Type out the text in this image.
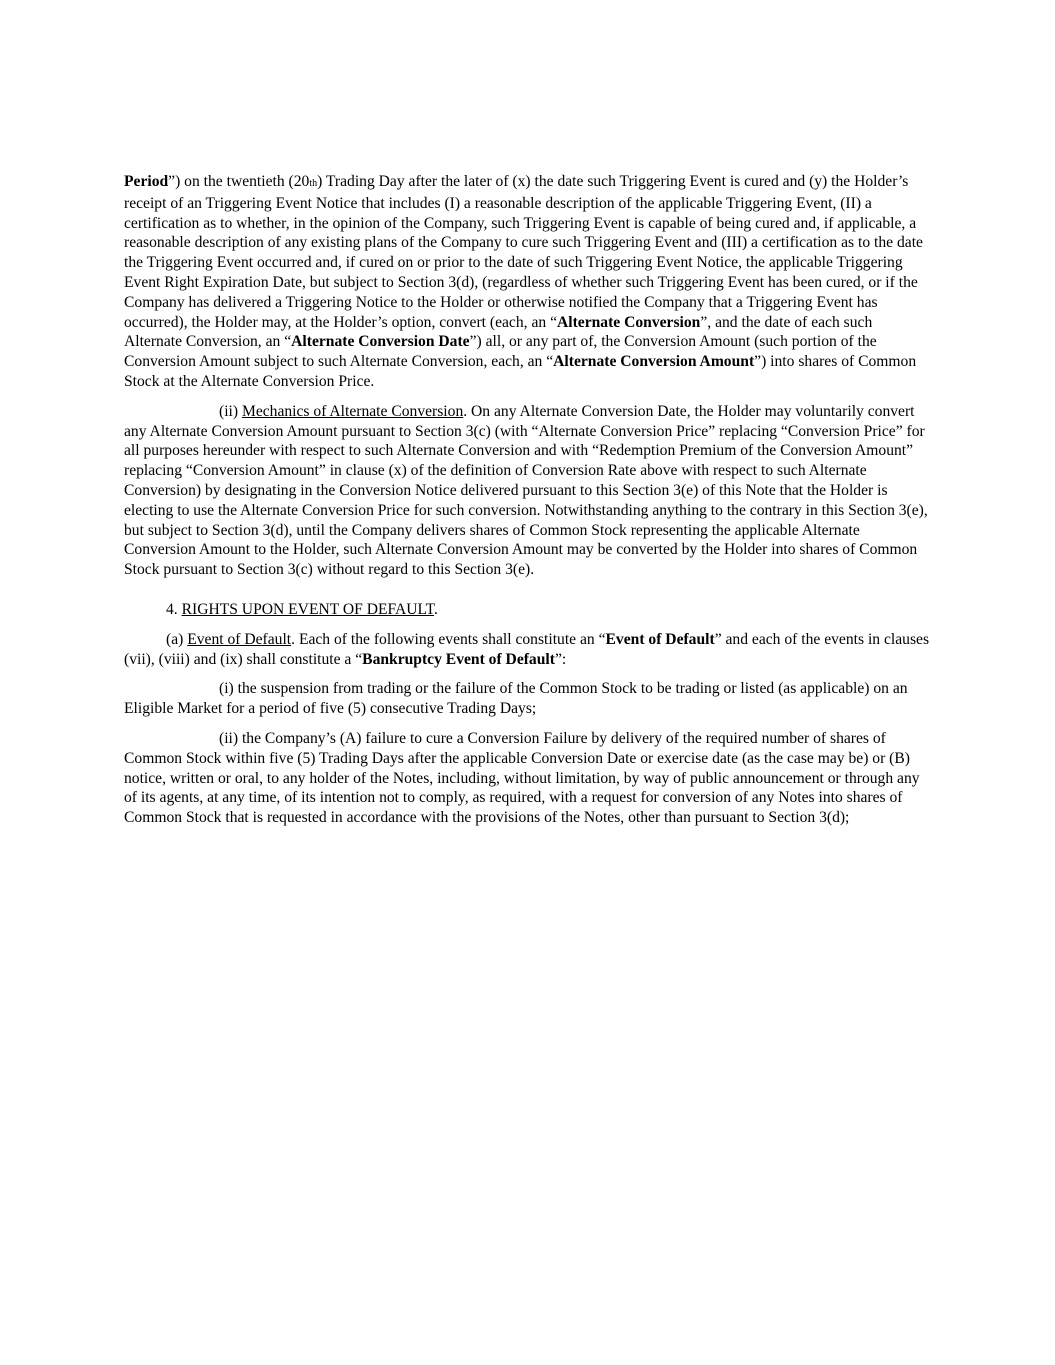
Period”) on the twentieth (20th) Trading Day after the later of (x) the date such Triggering Event is cured and (y) the Holder’s receipt of an Triggering Event Notice that includes (I) a reasonable description of the applicable Triggering Event, (II) a certification as to whether, in the opinion of the Company, such Triggering Event is capable of being cured and, if applicable, a reasonable description of any existing plans of the Company to cure such Triggering Event and (III) a certification as to the date the Triggering Event occurred and, if cured on or prior to the date of such Triggering Event Notice, the applicable Triggering Event Right Expiration Date, but subject to Section 3(d), (regardless of whether such Triggering Event has been cured, or if the Company has delivered a Triggering Notice to the Holder or otherwise notified the Company that a Triggering Event has occurred), the Holder may, at the Holder’s option, convert (each, an “Alternate Conversion”, and the date of each such Alternate Conversion, an “Alternate Conversion Date”) all, or any part of, the Conversion Amount (such portion of the Conversion Amount subject to such Alternate Conversion, each, an “Alternate Conversion Amount”) into shares of Common Stock at the Alternate Conversion Price.

(ii) Mechanics of Alternate Conversion. On any Alternate Conversion Date, the Holder may voluntarily convert any Alternate Conversion Amount pursuant to Section 3(c) (with “Alternate Conversion Price” replacing “Conversion Price” for all purposes hereunder with respect to such Alternate Conversion and with “Redemption Premium of the Conversion Amount” replacing “Conversion Amount” in clause (x) of the definition of Conversion Rate above with respect to such Alternate Conversion) by designating in the Conversion Notice delivered pursuant to this Section 3(e) of this Note that the Holder is electing to use the Alternate Conversion Price for such conversion. Notwithstanding anything to the contrary in this Section 3(e), but subject to Section 3(d), until the Company delivers shares of Common Stock representing the applicable Alternate Conversion Amount to the Holder, such Alternate Conversion Amount may be converted by the Holder into shares of Common Stock pursuant to Section 3(c) without regard to this Section 3(e).

4. RIGHTS UPON EVENT OF DEFAULT.

(a) Event of Default. Each of the following events shall constitute an “Event of Default” and each of the events in clauses (vii), (viii) and (ix) shall constitute a “Bankruptcy Event of Default”:

(i) the suspension from trading or the failure of the Common Stock to be trading or listed (as applicable) on an Eligible Market for a period of five (5) consecutive Trading Days;

(ii) the Company’s (A) failure to cure a Conversion Failure by delivery of the required number of shares of Common Stock within five (5) Trading Days after the applicable Conversion Date or exercise date (as the case may be) or (B) notice, written or oral, to any holder of the Notes, including, without limitation, by way of public announcement or through any of its agents, at any time, of its intention not to comply, as required, with a request for conversion of any Notes into shares of Common Stock that is requested in accordance with the provisions of the Notes, other than pursuant to Section 3(d);
